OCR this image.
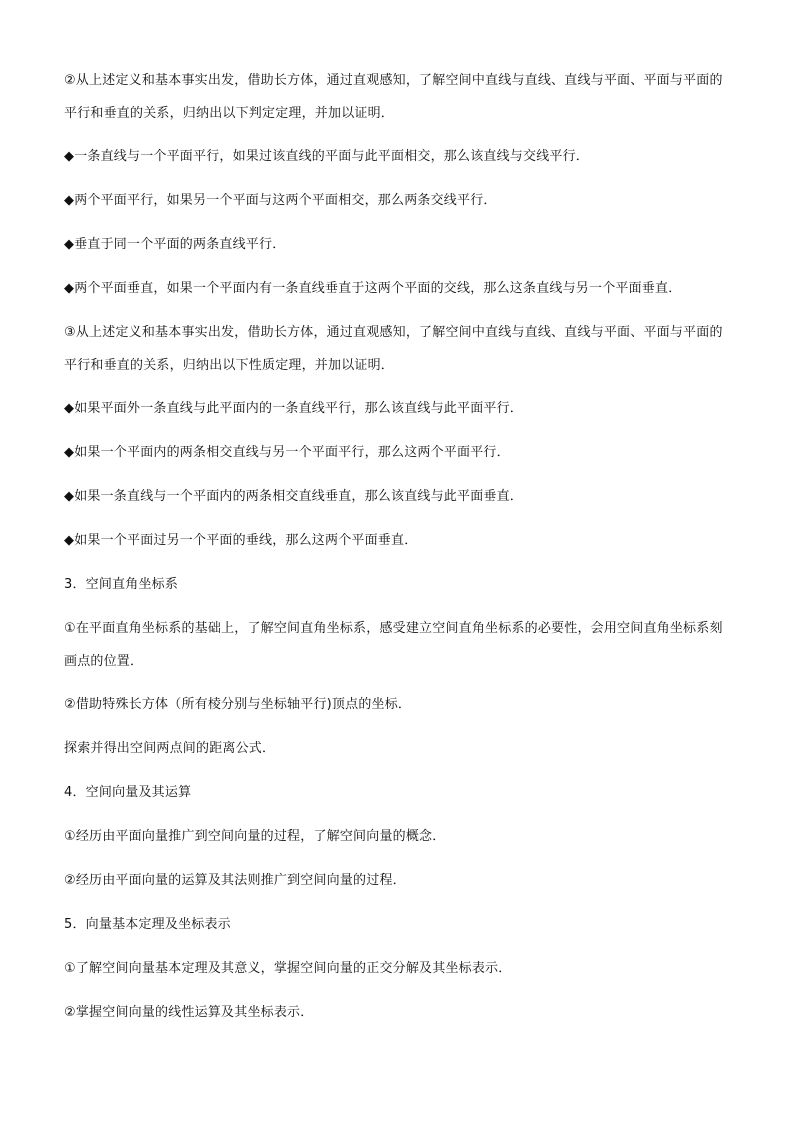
②从上述定义和基本事实出发，借助长方体，通过直观感知，了解空间中直线与直线、直线与平面、平面与平面的平行和垂直的关系，归纳出以下判定定理，并加以证明．

◆一条直线与一个平面平行，如果过该直线的平面与此平面相交，那么该直线与交线平行．

◆两个平面平行，如果另一个平面与这两个平面相交，那么两条交线平行．

◆垂直于同一个平面的两条直线平行．

◆两个平面垂直，如果一个平面内有一条直线垂直于这两个平面的交线，那么这条直线与另一个平面垂直．

③从上述定义和基本事实出发，借助长方体，通过直观感知，了解空间中直线与直线、直线与平面、平面与平面的平行和垂直的关系，归纳出以下性质定理，并加以证明．

◆如果平面外一条直线与此平面内的一条直线平行，那么该直线与此平面平行．

◆如果一个平面内的两条相交直线与另一个平面平行，那么这两个平面平行．

◆如果一条直线与一个平面内的两条相交直线垂直，那么该直线与此平面垂直．

◆如果一个平面过另一个平面的垂线，那么这两个平面垂直．

3．空间直角坐标系

①在平面直角坐标系的基础上，了解空间直角坐标系，感受建立空间直角坐标系的必要性，会用空间直角坐标系刻画点的位置．

②借助特殊长方体（所有棱分别与坐标轴平行)顶点的坐标．

探索并得出空间两点间的距离公式．

4．空间向量及其运算

①经历由平面向量推广到空间向量的过程，了解空间向量的概念．

②经历由平面向量的运算及其法则推广到空间向量的过程．

5．向量基本定理及坐标表示

①了解空间向量基本定理及其意义，掌握空间向量的正交分解及其坐标表示．

②掌握空间向量的线性运算及其坐标表示．
